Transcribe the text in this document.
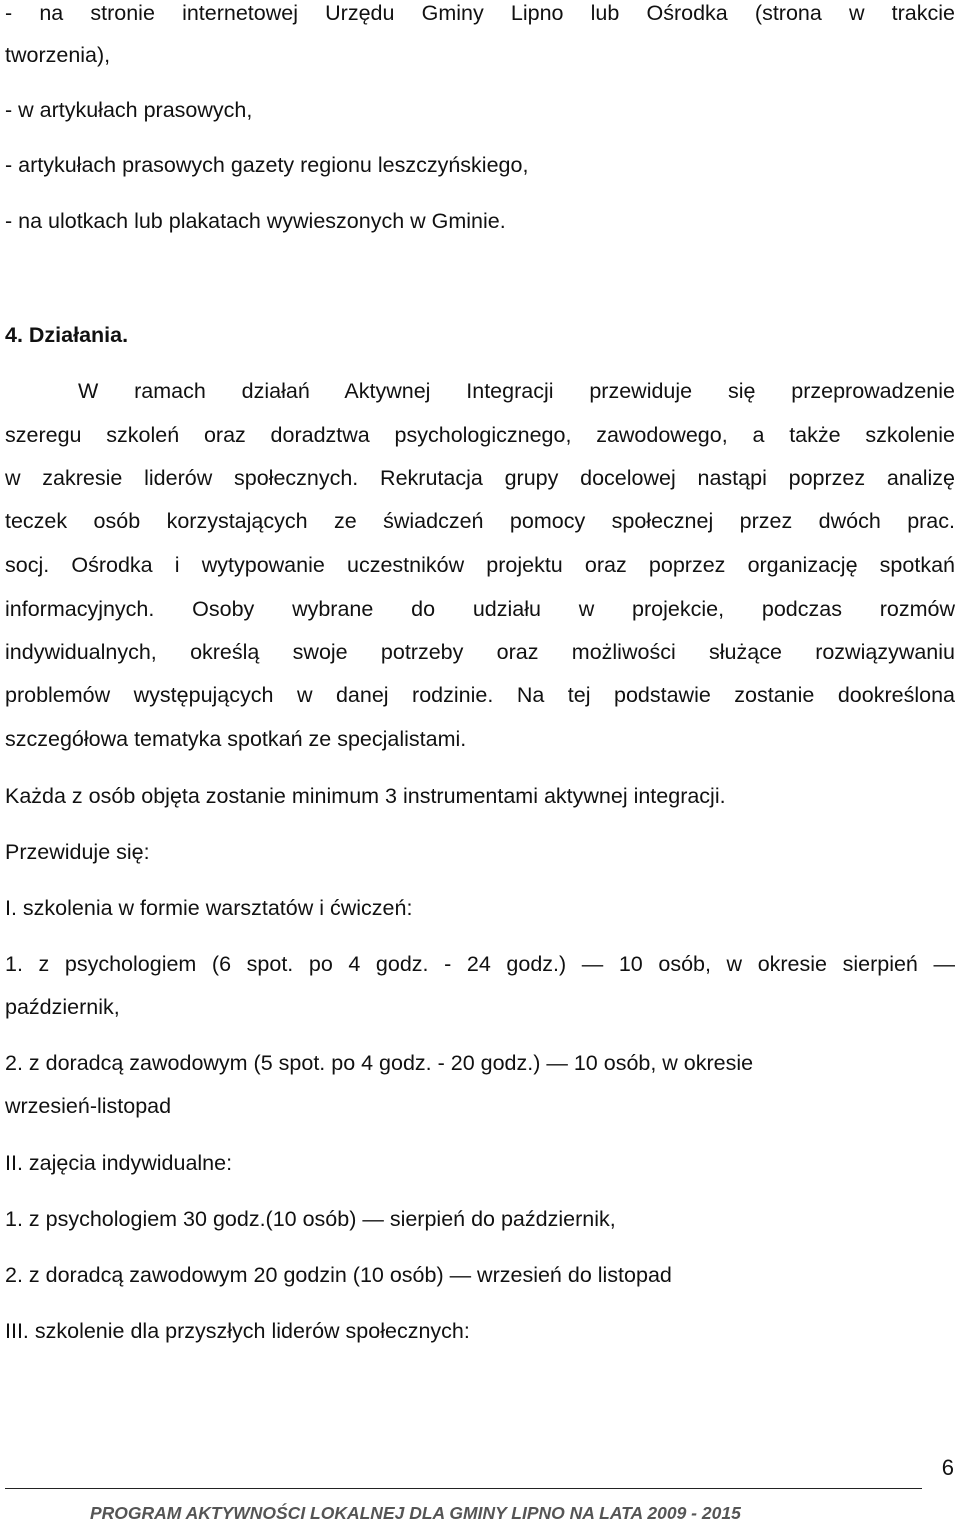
- na stronie internetowej Urzędu Gminy Lipno lub Ośrodka (strona w trakcie
tworzenia),
- w artykułach prasowych,
- artykułach prasowych gazety regionu leszczyńskiego,
- na ulotkach lub plakatach wywieszonych w Gminie.
4. Działania.
W ramach działań Aktywnej Integracji przewiduje się przeprowadzenie
szeregu szkoleń oraz doradztwa psychologicznego, zawodowego, a także szkolenie
w zakresie liderów społecznych. Rekrutacja grupy docelowej nastąpi poprzez analizę
teczek osób korzystających ze świadczeń pomocy społecznej przez dwóch prac.
socj. Ośrodka i wytypowanie uczestników projektu oraz poprzez organizację spotkań
informacyjnych. Osoby wybrane do udziału w projekcie, podczas rozmów
indywidualnych, określą swoje potrzeby oraz możliwości służące rozwiązywaniu
problemów występujących w danej rodzinie. Na tej podstawie zostanie dookreślona
szczegółowa tematyka spotkań ze specjalistami.
Każda z osób objęta zostanie minimum 3 instrumentami aktywnej integracji.
Przewiduje się:
I. szkolenia w formie warsztatów i ćwiczeń:
1. z psychologiem (6 spot. po 4 godz. - 24 godz.) — 10 osób, w okresie sierpień —
październik,
2. z doradcą zawodowym (5 spot. po 4 godz. - 20 godz.) — 10 osób, w okresie
wrzesień-listopad
II. zajęcia indywidualne:
1. z psychologiem 30 godz.(10 osób) — sierpień do październik,
2. z doradcą zawodowym 20 godzin (10 osób) — wrzesień do listopad
III. szkolenie dla przyszłych liderów społecznych:
6
PROGRAM AKTYWNOŚCI LOKALNEJ DLA GMINY LIPNO NA LATA 2009 - 2015
